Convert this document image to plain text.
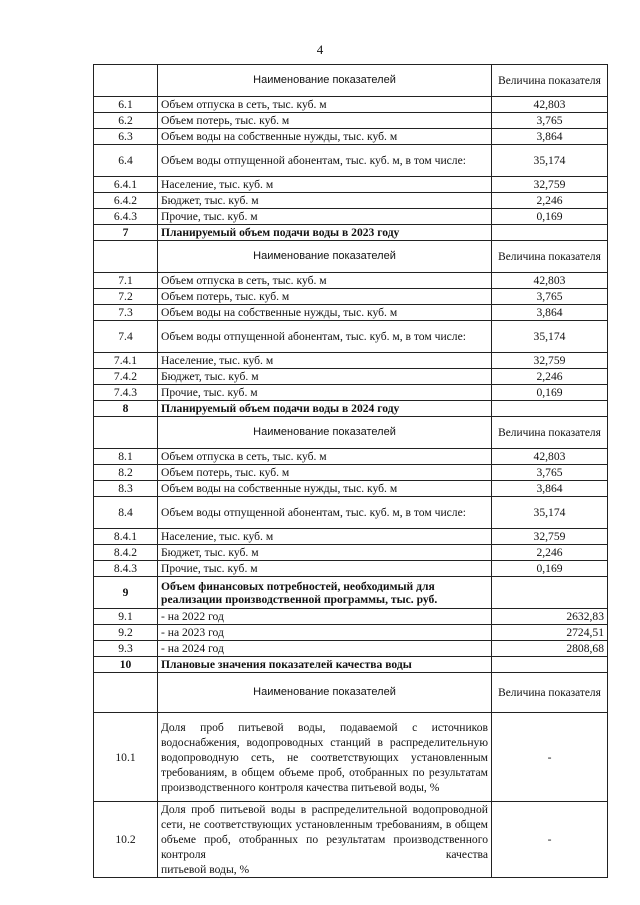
4
	Наименование показателей	Величина показателя
6.1	Объем отпуска в сеть, тыс. куб. м	42,803
6.2	Объем потерь, тыс. куб. м	3,765
6.3	Объем воды на собственные нужды, тыс. куб. м	3,864
6.4	Объем воды отпущенной абонентам, тыс. куб. м, в том числе:	35,174
6.4.1	Население, тыс. куб. м	32,759
6.4.2	Бюджет, тыс. куб. м	2,246
6.4.3	Прочие, тыс. куб. м	0,169
7	Планируемый объем подачи воды в 2023 году	
	Наименование показателей	Величина показателя
7.1	Объем отпуска в сеть, тыс. куб. м	42,803
7.2	Объем потерь, тыс. куб. м	3,765
7.3	Объем воды на собственные нужды, тыс. куб. м	3,864
7.4	Объем воды отпущенной абонентам, тыс. куб. м, в том числе:	35,174
7.4.1	Население, тыс. куб. м	32,759
7.4.2	Бюджет, тыс. куб. м	2,246
7.4.3	Прочие, тыс. куб. м	0,169
8	Планируемый объем подачи воды в 2024 году	
	Наименование показателей	Величина показателя
8.1	Объем отпуска в сеть, тыс. куб. м	42,803
8.2	Объем потерь, тыс. куб. м	3,765
8.3	Объем воды на собственные нужды, тыс. куб. м	3,864
8.4	Объем воды отпущенной абонентам, тыс. куб. м, в том числе:	35,174
8.4.1	Население, тыс. куб. м	32,759
8.4.2	Бюджет, тыс. куб. м	2,246
8.4.3	Прочие, тыс. куб. м	0,169
9	Объем финансовых потребностей, необходимый для реализации производственной программы, тыс. руб.	
9.1	- на 2022 год	2632,83
9.2	- на 2023 год	2724,51
9.3	- на 2024 год	2808,68
10	Плановые значения показателей качества воды	
	Наименование показателей	Величина показателя
10.1	Доля проб питьевой воды, подаваемой с источников водоснабжения, водопроводных станций в распределительную водопроводную сеть, не соответствующих установленным требованиям, в общем объеме проб, отобранных по результатам
производственного контроля качества питьевой воды, %	-
10.2	Доля проб питьевой воды в распределительной водопроводной сети, не соответствующих установленным требованиям, в общем объеме проб, отобранных по результатам производственного контроля качества
питьевой воды, %	-
